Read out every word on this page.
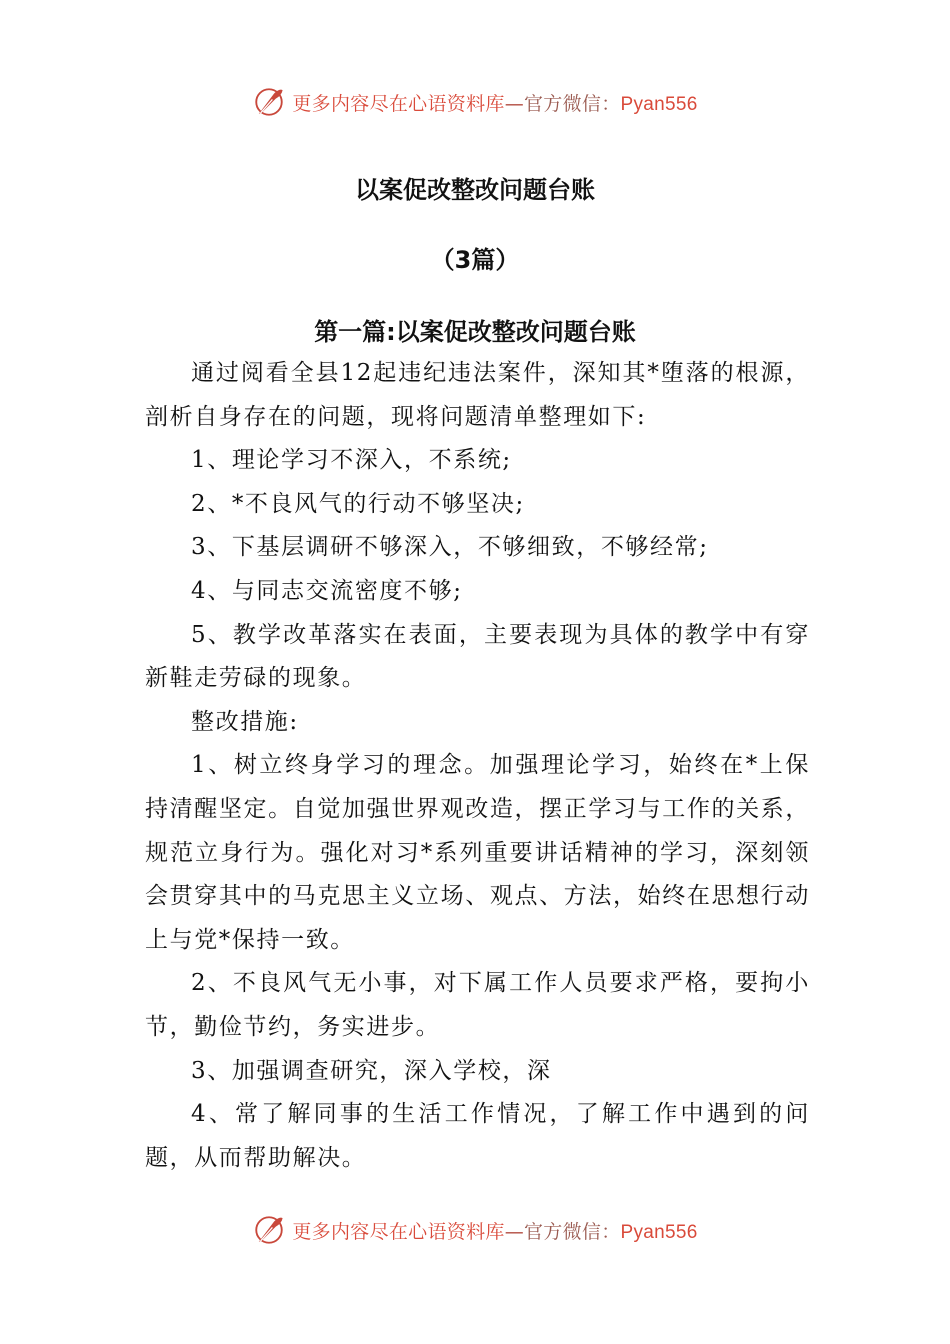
更多内容尽在心语资料库—官方微信：Pyan556
以案促改整改问题台账
（3篇）
第一篇:以案促改整改问题台账

通过阅看全县12起违纪违法案件，深知其*堕落的根源，剖析自身存在的问题，现将问题清单整理如下:

1、理论学习不深入，不系统;

2、*不良风气的行动不够坚决;

3、下基层调研不够深入，不够细致，不够经常;

4、与同志交流密度不够;

5、教学改革落实在表面，主要表现为具体的教学中有穿新鞋走劳碌的现象。

整改措施:

1、树立终身学习的理念。加强理论学习，始终在*上保持清醒坚定。自觉加强世界观改造，摆正学习与工作的关系，规范立身行为。强化对习*系列重要讲话精神的学习，深刻领会贯穿其中的马克思主义立场、观点、方法，始终在思想行动上与党*保持一致。

2、不良风气无小事，对下属工作人员要求严格，要拘小节，勤俭节约，务实进步。

3、加强调查研究，深入学校，深

4、常了解同事的生活工作情况，了解工作中遇到的问题，从而帮助解决。

更多内容尽在心语资料库—官方微信：Pyan556
